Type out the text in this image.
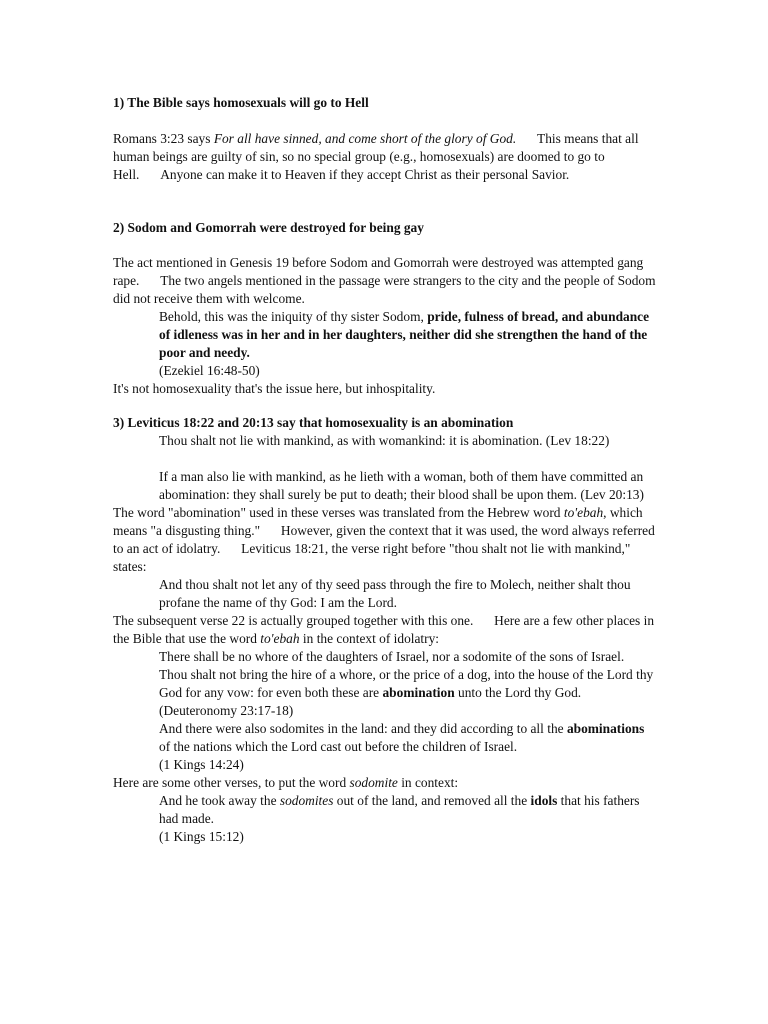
1) The Bible says homosexuals will go to Hell

Romans 3:23 says For all have sinned, and come short of the glory of God.  This means that all human beings are guilty of sin, so no special group (e.g., homosexuals) are doomed to go to Hell.  Anyone can make it to Heaven if they accept Christ as their personal Savior.

2) Sodom and Gomorrah were destroyed for being gay

The act mentioned in Genesis 19 before Sodom and Gomorrah were destroyed was attempted gang rape.  The two angels mentioned in the passage were strangers to the city and the people of Sodom did not receive them with welcome.

Behold, this was the iniquity of thy sister Sodom, pride, fulness of bread, and abundance of idleness was in her and in her daughters, neither did she strengthen the hand of the poor and needy.

(Ezekiel 16:48-50)

It's not homosexuality that's the issue here, but inhospitality.

3) Leviticus 18:22 and 20:13 say that homosexuality is an abomination

Thou shalt not lie with mankind, as with womankind: it is abomination. (Lev 18:22)

If a man also lie with mankind, as he lieth with a woman, both of them have committed an abomination: they shall surely be put to death; their blood shall be upon them. (Lev 20:13)

The word "abomination" used in these verses was translated from the Hebrew word to'ebah, which means "a disgusting thing."  However, given the context that it was used, the word always referred to an act of idolatry.  Leviticus 18:21, the verse right before "thou shalt not lie with mankind," states:

And thou shalt not let any of thy seed pass through the fire to Molech, neither shalt thou profane the name of thy God: I am the Lord.

The subsequent verse 22 is actually grouped together with this one.  Here are a few other places in the Bible that use the word to'ebah in the context of idolatry:

There shall be no whore of the daughters of Israel, nor a sodomite of the sons of Israel.

Thou shalt not bring the hire of a whore, or the price of a dog, into the house of the Lord thy God for any vow: for even both these are abomination unto the Lord thy God.

(Deuteronomy 23:17-18)

And there were also sodomites in the land: and they did according to all the abominations of the nations which the Lord cast out before the children of Israel.

(1 Kings 14:24)

Here are some other verses, to put the word sodomite in context:

And he took away the sodomites out of the land, and removed all the idols that his fathers had made.

(1 Kings 15:12)
